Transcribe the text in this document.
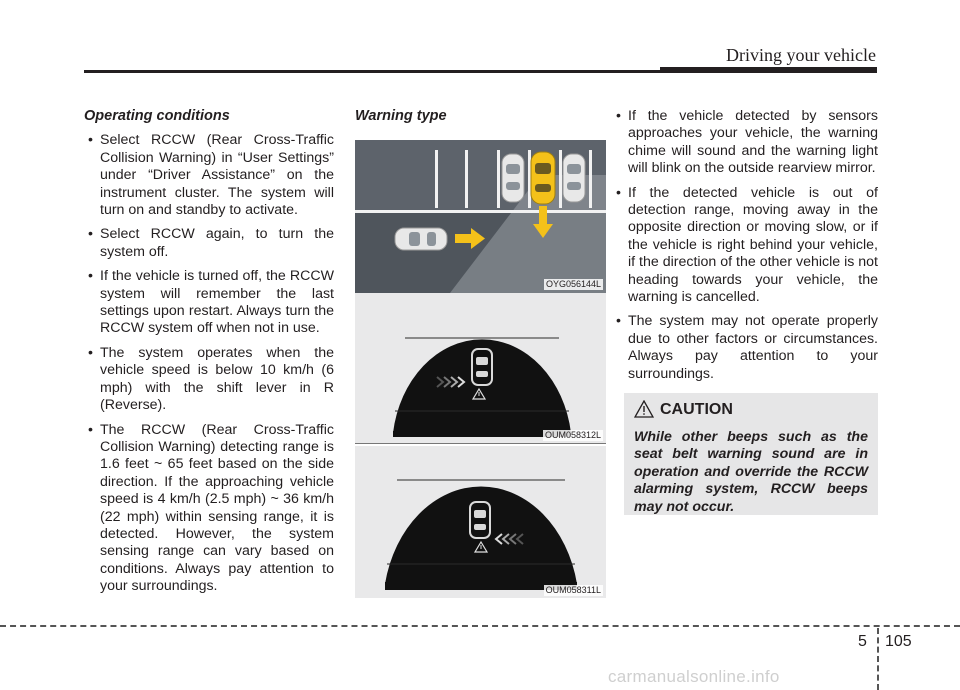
Driving your vehicle
Operating conditions
• Select RCCW (Rear Cross-Traffic Collision Warning) in “User Settings” under “Driver Assistance” on the instrument cluster. The system will turn on and standby to activate.
• Select RCCW again, to turn the system off.
• If the vehicle is turned off, the RCCW system will remember the last settings upon restart. Always turn the RCCW system off when not in use.
• The system operates when the vehicle speed is below 10 km/h (6 mph) with the shift lever in R (Reverse).
• The RCCW (Rear Cross-Traffic Collision Warning) detecting range is 1.6 feet ~ 65 feet based on the side direction. If the approaching vehicle speed is 4 km/h (2.5 mph) ~ 36 km/h (22 mph) within sensing range, it is detected. However, the system sensing range can vary based on conditions. Always pay attention to your surroundings.
Warning type
OYG056144L
OUM058312L
OUM058311L
• If the vehicle detected by sensors approaches your vehicle, the warning chime will sound and the warning light will blink on the outside rearview mirror.
• If the detected vehicle is out of detection range, moving away in the opposite direction or moving slow, or if the vehicle is right behind your vehicle, if the direction of the other vehicle is not heading towards your vehicle, the warning is cancelled.
• The system may not operate properly due to other factors or circumstances. Always pay attention to your surroundings.
CAUTION
While other beeps such as the seat belt warning sound are in operation and override the RCCW alarming system, RCCW beeps may not occur.
5 105
carmanualsonline.info
